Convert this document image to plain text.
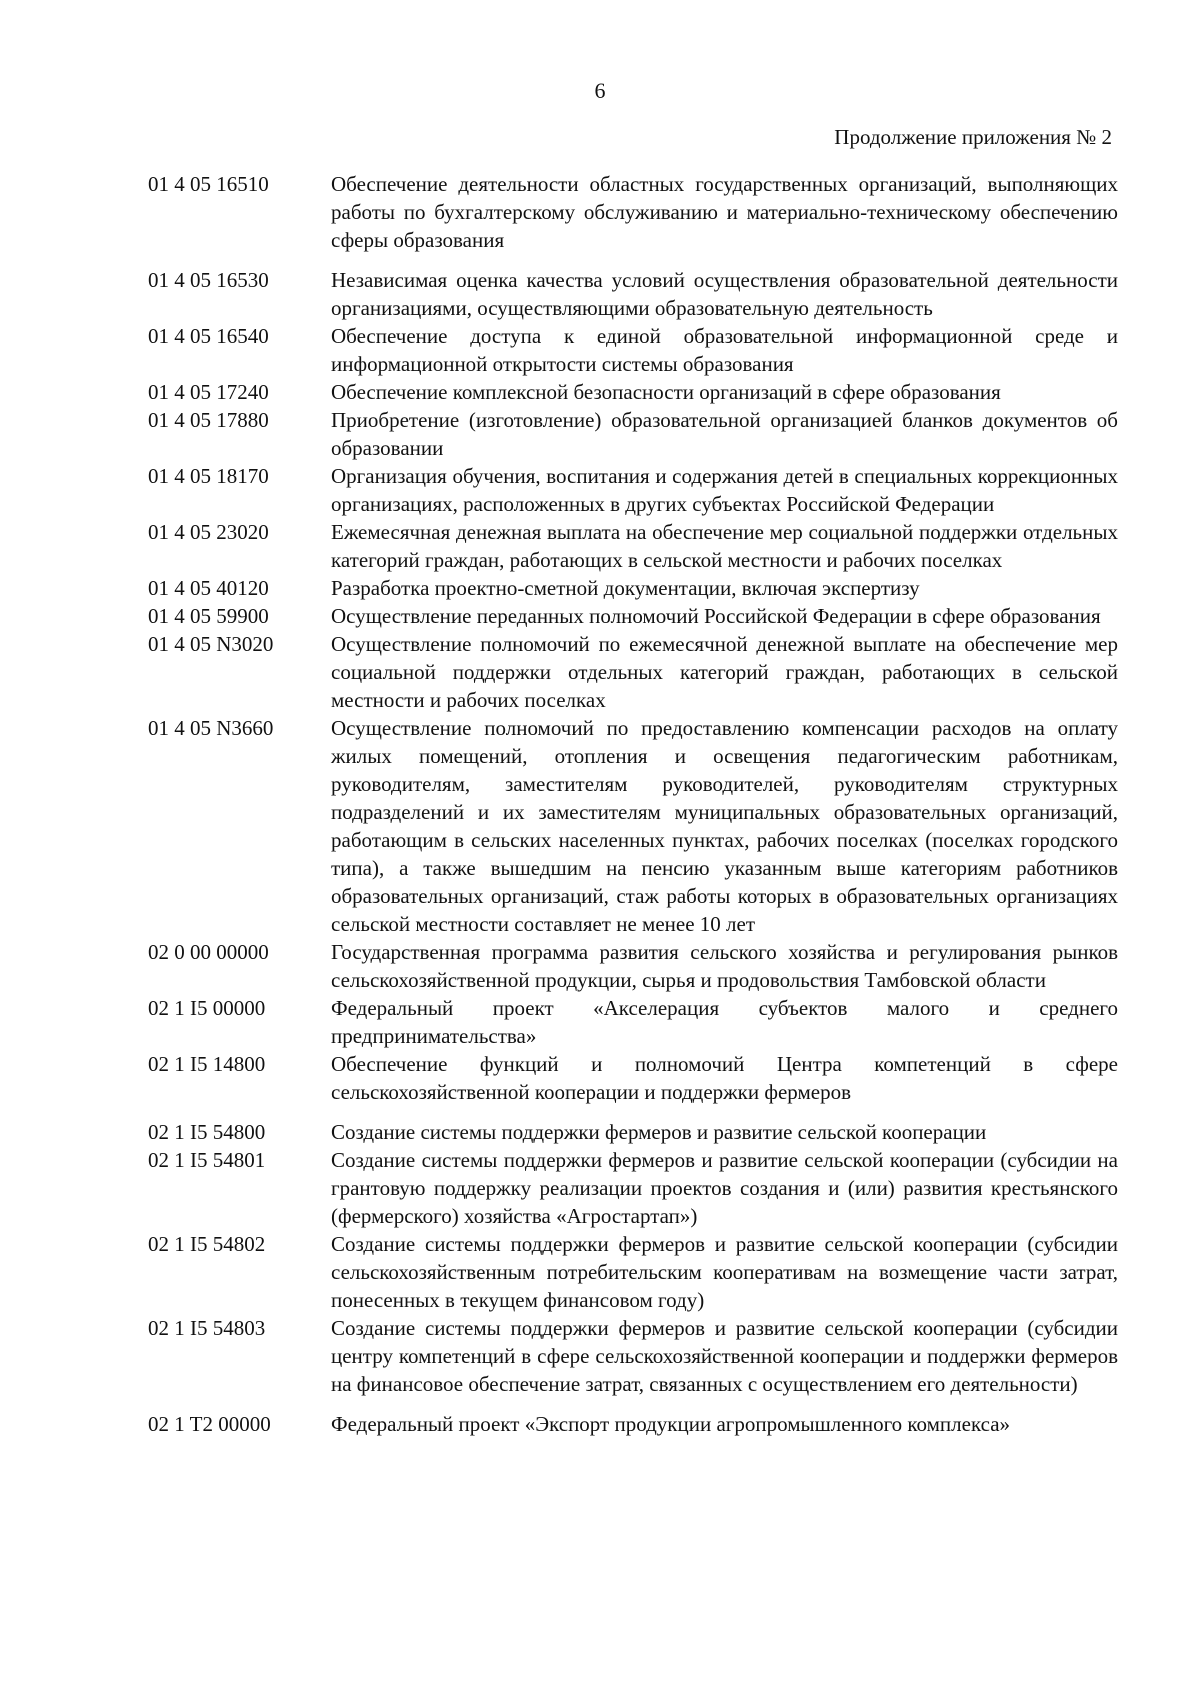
6
Продолжение приложения № 2
01 4 05 16510	Обеспечение деятельности областных государственных организаций, выполняющих работы по бухгалтерскому обслуживанию и материально-техническому обеспечению сферы образования
01 4 05 16530	Независимая оценка качества условий осуществления образовательной деятельности организациями, осуществляющими образовательную деятельность
01 4 05 16540	Обеспечение доступа к единой образовательной информационной среде и информационной открытости системы образования
01 4 05 17240	Обеспечение комплексной безопасности организаций в сфере образования
01 4 05 17880	Приобретение (изготовление) образовательной организацией бланков документов об образовании
01 4 05 18170	Организация обучения, воспитания и содержания детей в специальных коррекционных организациях, расположенных в других субъектах Российской Федерации
01 4 05 23020	Ежемесячная денежная выплата на обеспечение мер социальной поддержки отдельных категорий граждан, работающих в сельской местности и рабочих поселках
01 4 05 40120	Разработка проектно-сметной документации, включая экспертизу
01 4 05 59900	Осуществление переданных полномочий Российской Федерации в сфере образования
01 4 05 N3020	Осуществление полномочий по ежемесячной денежной выплате на обеспечение мер социальной поддержки отдельных категорий граждан, работающих в сельской местности и рабочих поселках
01 4 05 N3660	Осуществление полномочий по предоставлению компенсации расходов на оплату жилых помещений, отопления и освещения педагогическим работникам, руководителям, заместителям руководителей, руководителям структурных подразделений и их заместителям муниципальных образовательных организаций, работающим в сельских населенных пунктах, рабочих поселках (поселках городского типа), а также вышедшим на пенсию указанным выше категориям работников образовательных организаций, стаж работы которых в образовательных организациях сельской местности составляет не менее 10 лет
02 0 00 00000	Государственная программа развития сельского хозяйства и регулирования рынков сельскохозяйственной продукции, сырья и продовольствия Тамбовской области
02 1 I5 00000	Федеральный проект «Акселерация субъектов малого и среднего предпринимательства»
02 1 I5 14800	Обеспечение функций и полномочий Центра компетенций в сфере сельскохозяйственной кооперации и поддержки фермеров
02 1 I5 54800	Создание системы поддержки фермеров и развитие сельской кооперации
02 1 I5 54801	Создание системы поддержки фермеров и развитие сельской кооперации (субсидии на грантовую поддержку реализации проектов создания и (или) развития крестьянского (фермерского) хозяйства «Агростартап»)
02 1 I5 54802	Создание системы поддержки фермеров и развитие сельской кооперации (субсидии сельскохозяйственным потребительским кооперативам на возмещение части затрат, понесенных в текущем финансовом году)
02 1 I5 54803	Создание системы поддержки фермеров и развитие сельской кооперации (субсидии центру компетенций в сфере сельскохозяйственной кооперации и поддержки фермеров на финансовое обеспечение затрат, связанных с осуществлением его деятельности)
02 1 T2 00000	Федеральный проект «Экспорт продукции агропромышленного комплекса»
